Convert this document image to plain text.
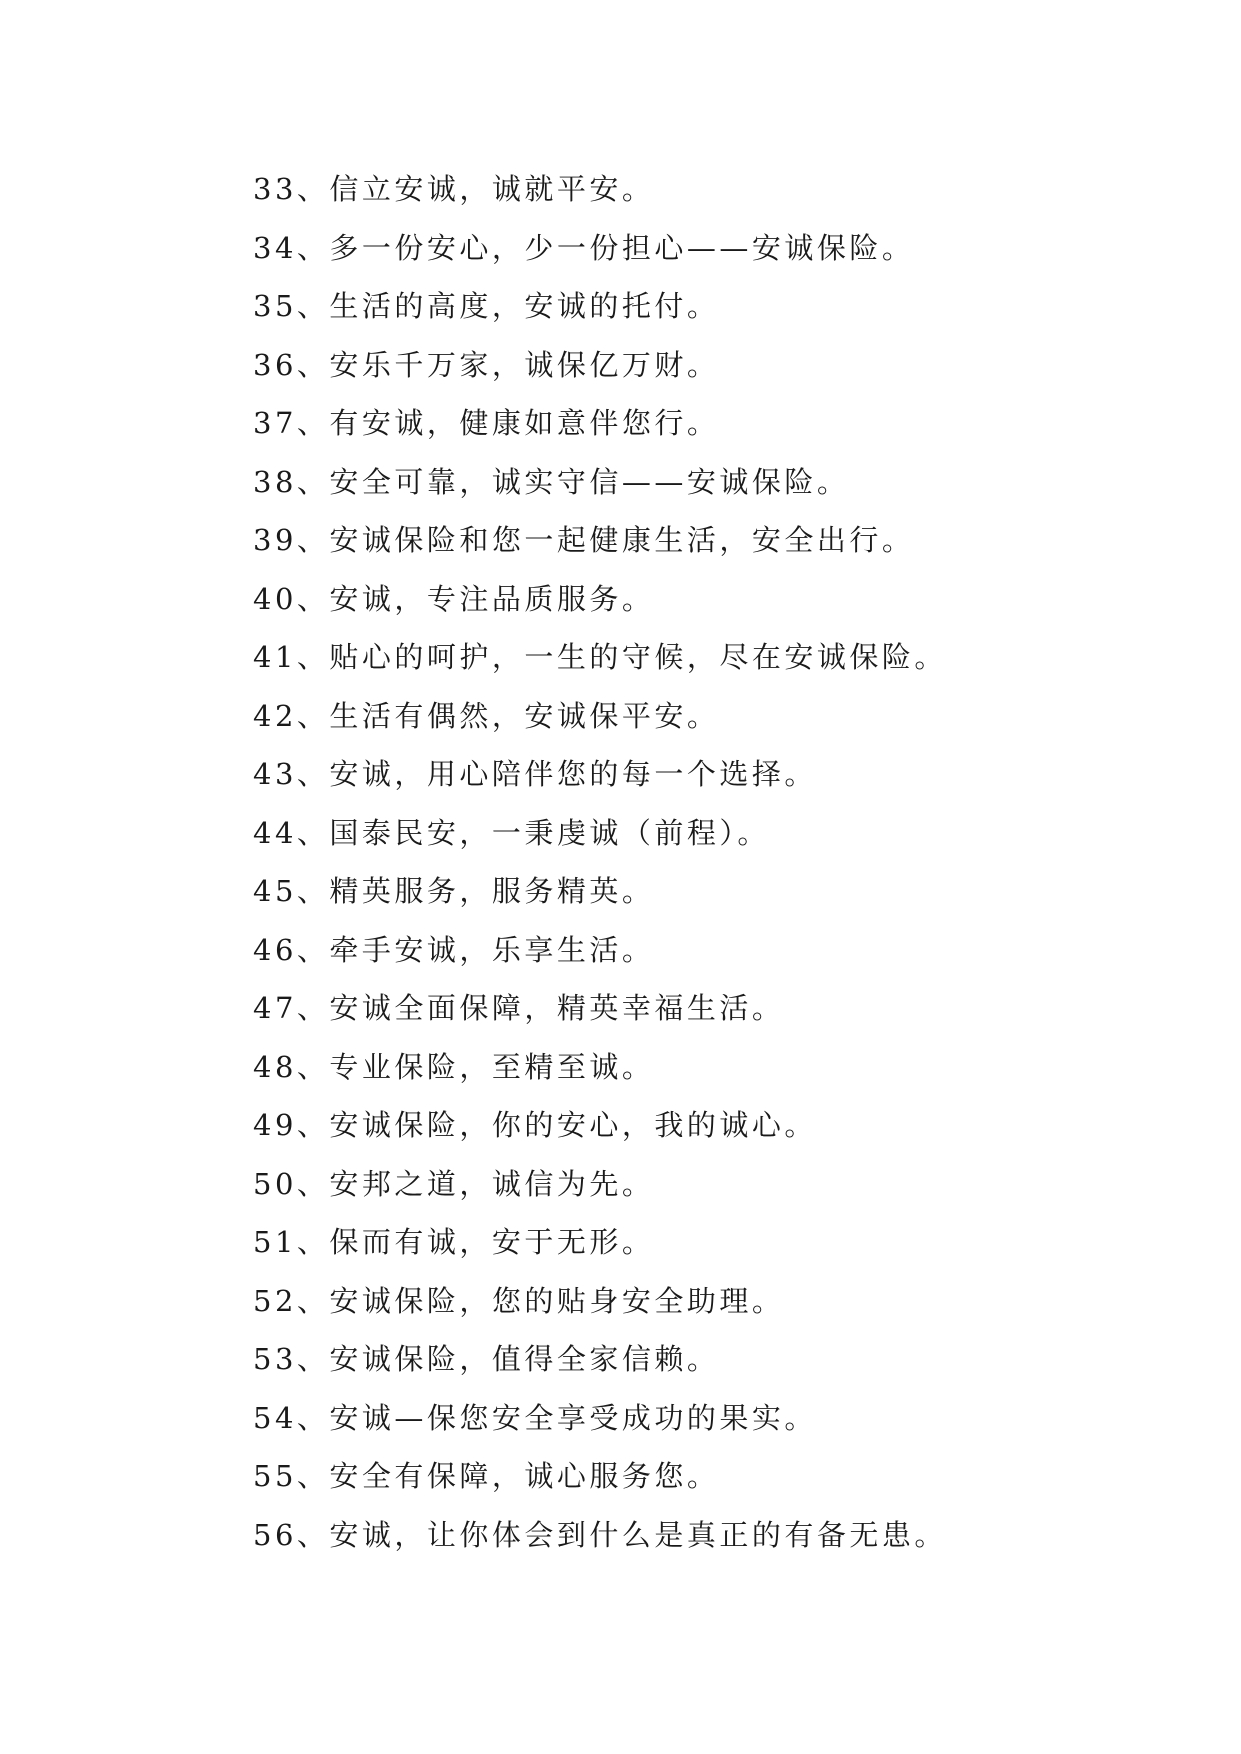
33、信立安诚，诚就平安。
34、多一份安心，少一份担心——安诚保险。
35、生活的高度，安诚的托付。
36、安乐千万家，诚保亿万财。
37、有安诚，健康如意伴您行。
38、安全可靠，诚实守信——安诚保险。
39、安诚保险和您一起健康生活，安全出行。
40、安诚，专注品质服务。
41、贴心的呵护，一生的守候，尽在安诚保险。
42、生活有偶然，安诚保平安。
43、安诚，用心陪伴您的每一个选择。
44、国泰民安，一秉虔诚（前程）。
45、精英服务，服务精英。
46、牵手安诚，乐享生活。
47、安诚全面保障，精英幸福生活。
48、专业保险，至精至诚。
49、安诚保险，你的安心，我的诚心。
50、安邦之道，诚信为先。
51、保而有诚，安于无形。
52、安诚保险，您的贴身安全助理。
53、安诚保险，值得全家信赖。
54、安诚—保您安全享受成功的果实。
55、安全有保障，诚心服务您。
56、安诚，让你体会到什么是真正的有备无患。
